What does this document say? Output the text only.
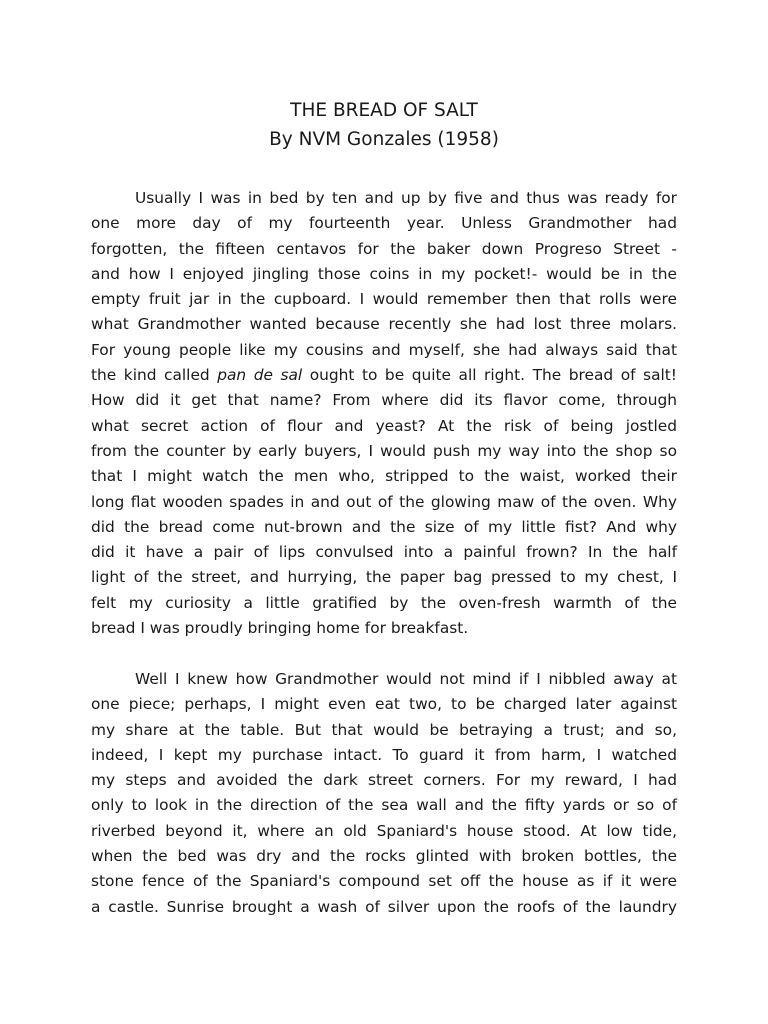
THE BREAD OF SALT
By NVM Gonzales (1958)
Usually I was in bed by ten and up by five and thus was ready for
one more day of my fourteenth year. Unless Grandmother had
forgotten, the fifteen centavos for the baker down Progreso Street -
and how I enjoyed jingling those coins in my pocket!- would be in the
empty fruit jar in the cupboard. I would remember then that rolls were
what Grandmother wanted because recently she had lost three molars.
For young people like my cousins and myself, she had always said that
the kind called pan de sal ought to be quite all right. The bread of salt!
How did it get that name? From where did its flavor come, through
what secret action of flour and yeast? At the risk of being jostled
from the counter by early buyers, I would push my way into the shop so
that I might watch the men who, stripped to the waist, worked their
long flat wooden spades in and out of the glowing maw of the oven. Why
did the bread come nut-brown and the size of my little fist? And why
did it have a pair of lips convulsed into a painful frown? In the half
light of the street, and hurrying, the paper bag pressed to my chest, I
felt my curiosity a little gratified by the oven-fresh warmth of the
bread I was proudly bringing home for breakfast.
Well I knew how Grandmother would not mind if I nibbled away at
one piece; perhaps, I might even eat two, to be charged later against
my share at the table. But that would be betraying a trust; and so,
indeed, I kept my purchase intact. To guard it from harm, I watched
my steps and avoided the dark street corners. For my reward, I had
only to look in the direction of the sea wall and the fifty yards or so of
riverbed beyond it, where an old Spaniard's house stood. At low tide,
when the bed was dry and the rocks glinted with broken bottles, the
stone fence of the Spaniard's compound set off the house as if it were
a castle. Sunrise brought a wash of silver upon the roofs of the laundry
